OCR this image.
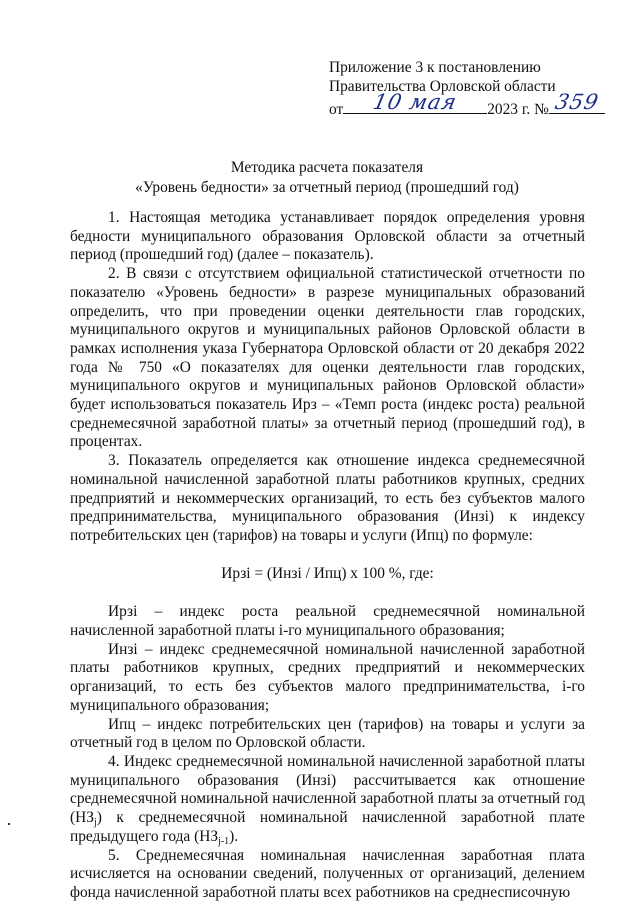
Приложение 3 к постановлению
Правительства Орловской области
от	10 мая	2023 г. № 359
Методика расчета показателя
«Уровень бедности» за отчетный период (прошедший год)

1. Настоящая методика устанавливает порядок определения уровня бедности муниципального образования Орловской области за отчетный период (прошедший год) (далее – показатель).

2. В связи с отсутствием официальной статистической отчетности по показателю «Уровень бедности» в разрезе муниципальных образований определить, что при проведении оценки деятельности глав городских, муниципального округов и муниципальных районов Орловской области в рамках исполнения указа Губернатора Орловской области от 20 декабря 2022 года № 750 «О показателях для оценки деятельности глав городских, муниципального округов и муниципальных районов Орловской области» будет использоваться показатель Ирз – «Темп роста (индекс роста) реальной среднемесячной заработной платы» за отчетный период (прошедший год), в процентах.

3. Показатель определяется как отношение индекса среднемесячной номинальной начисленной заработной платы работников крупных, средних предприятий и некоммерческих организаций, то есть без субъектов малого предпринимательства, муниципального образования (Инзі) к индексу потребительских цен (тарифов) на товары и услуги (Ипц) по формуле:

Ирзі = (Инзі / Ипц) х 100 %, где:

Ирзі – индекс роста реальной среднемесячной номинальной начисленной заработной платы і-го муниципального образования;

Инзі – индекс среднемесячной номинальной начисленной заработной платы работников крупных, средних предприятий и некоммерческих организаций, то есть без субъектов малого предпринимательства, і-го муниципального образования;

Ипц – индекс потребительских цен (тарифов) на товары и услуги за отчетный год в целом по Орловской области.

4. Индекс среднемесячной номинальной начисленной заработной платы муниципального образования (Инзі) рассчитывается как отношение среднемесячной номинальной начисленной заработной платы за отчетный год $(НЗ_j)$ к среднемесячной номинальной начисленной заработной плате предыдущего года $(НЗ_{j-1})$.

5. Среднемесячная номинальная начисленная заработная плата исчисляется на основании сведений, полученных от организаций, делением фонда начисленной заработной платы всех работников на среднесписочную
